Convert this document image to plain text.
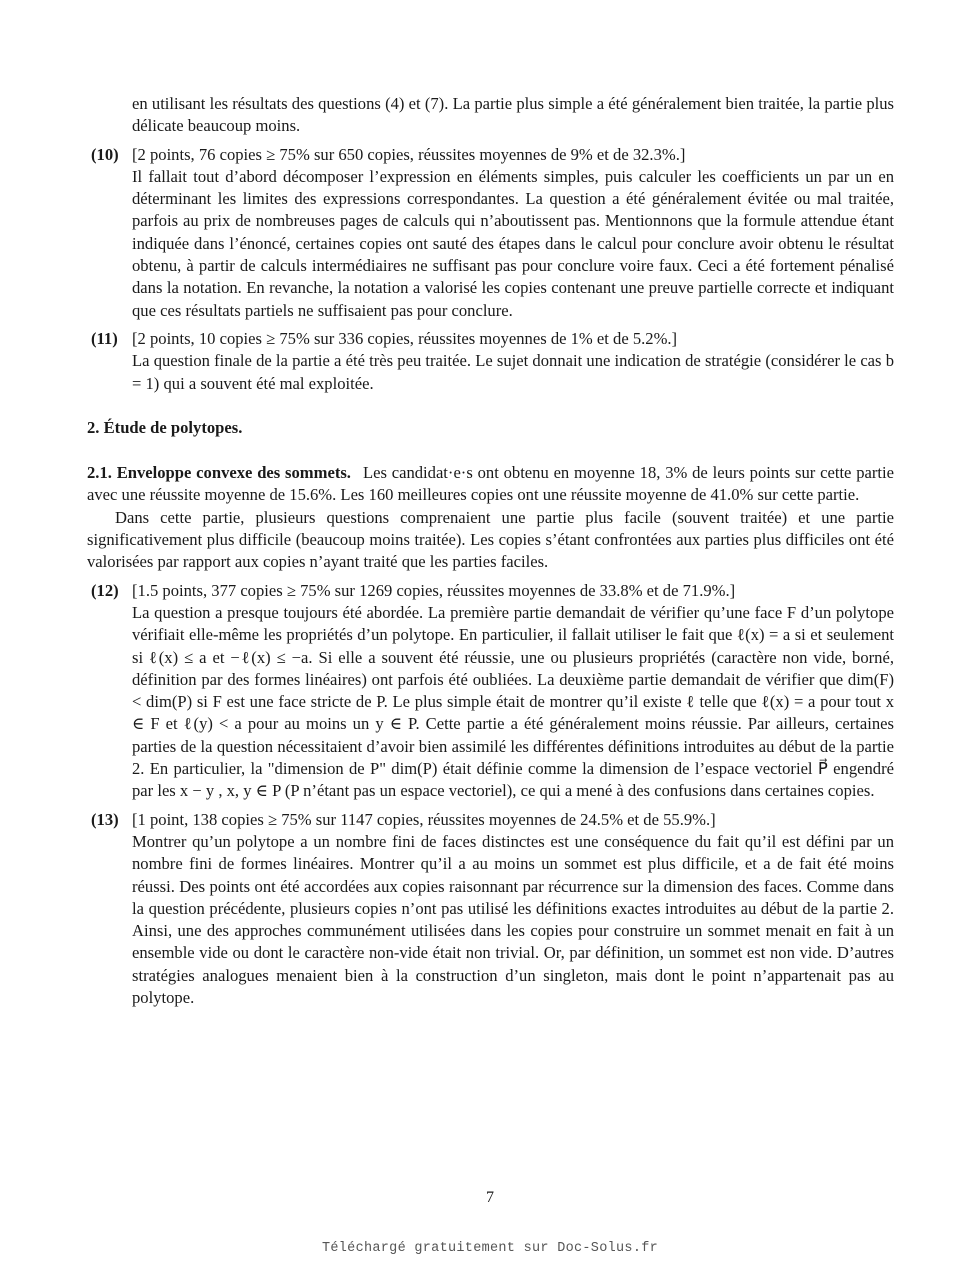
en utilisant les résultats des questions (4) et (7). La partie plus simple a été généralement bien traitée, la partie plus délicate beaucoup moins.

(10) [2 points, 76 copies ≥ 75% sur 650 copies, réussites moyennes de 9% et de 32.3%.]

Il fallait tout d’abord décomposer l’expression en éléments simples, puis calculer les coefficients un par un en déterminant les limites des expressions correspondantes. La question a été généralement évitée ou mal traitée, parfois au prix de nombreuses pages de calculs qui n’aboutissent pas. Mentionnons que la formule attendue étant indiquée dans l’énoncé, certaines copies ont sauté des étapes dans le calcul pour conclure avoir obtenu le résultat obtenu, à partir de calculs intermédiaires ne suffisant pas pour conclure voire faux. Ceci a été fortement pénalisé dans la notation. En revanche, la notation a valorisé les copies contenant une preuve partielle correcte et indiquant que ces résultats partiels ne suffisaient pas pour conclure.

(11) [2 points, 10 copies ≥ 75% sur 336 copies, réussites moyennes de 1% et de 5.2%.]

La question finale de la partie a été très peu traitée. Le sujet donnait une indication de stratégie (considérer le cas b = 1) qui a souvent été mal exploitée.

2. Étude de polytopes.

2.1. Enveloppe convexe des sommets. Les candidat·e·s ont obtenu en moyenne 18, 3% de leurs points sur cette partie avec une réussite moyenne de 15.6%. Les 160 meilleures copies ont une réussite moyenne de 41.0% sur cette partie.

Dans cette partie, plusieurs questions comprenaient une partie plus facile (souvent traitée) et une partie significativement plus difficile (beaucoup moins traitée). Les copies s’étant confrontées aux parties plus difficiles ont été valorisées par rapport aux copies n’ayant traité que les parties faciles.

(12) [1.5 points, 377 copies ≥ 75% sur 1269 copies, réussites moyennes de 33.8% et de 71.9%.]

La question a presque toujours été abordée. La première partie demandait de vérifier qu’une face F d’un polytope vérifiait elle-même les propriétés d’un polytope. En particulier, il fallait utiliser le fait que ℓ(x) = a si et seulement si ℓ(x) ≤ a et −ℓ(x) ≤ −a. Si elle a souvent été réussie, une ou plusieurs propriétés (caractère non vide, borné, définition par des formes linéaires) ont parfois été oubliées. La deuxième partie demandait de vérifier que dim(F) < dim(P) si F est une face stricte de P. Le plus simple était de montrer qu’il existe ℓ telle que ℓ(x) = a pour tout x ∈ F et ℓ(y) < a pour au moins un y ∈ P. Cette partie a été généralement moins réussie. Par ailleurs, certaines parties de la question nécessitaient d’avoir bien assimilé les différentes définitions introduites au début de la partie 2. En particulier, la "dimension de P" dim(P) était définie comme la dimension de l’espace vectoriel P⃗ engendré par les x − y , x, y ∈ P (P n’étant pas un espace vectoriel), ce qui a mené à des confusions dans certaines copies.

(13) [1 point, 138 copies ≥ 75% sur 1147 copies, réussites moyennes de 24.5% et de 55.9%.]

Montrer qu’un polytope a un nombre fini de faces distinctes est une conséquence du fait qu’il est défini par un nombre fini de formes linéaires. Montrer qu’il a au moins un sommet est plus difficile, et a de fait été moins réussi. Des points ont été accordées aux copies raisonnant par récurrence sur la dimension des faces. Comme dans la question précédente, plusieurs copies n’ont pas utilisé les définitions exactes introduites au début de la partie 2. Ainsi, une des approches communément utilisées dans les copies pour construire un sommet menait en fait à un ensemble vide ou dont le caractère non-vide était non trivial. Or, par définition, un sommet est non vide. D’autres stratégies analogues menaient bien à la construction d’un singleton, mais dont le point n’appartenait pas au polytope.

7
Téléchargé gratuitement sur Doc-Solus.fr
